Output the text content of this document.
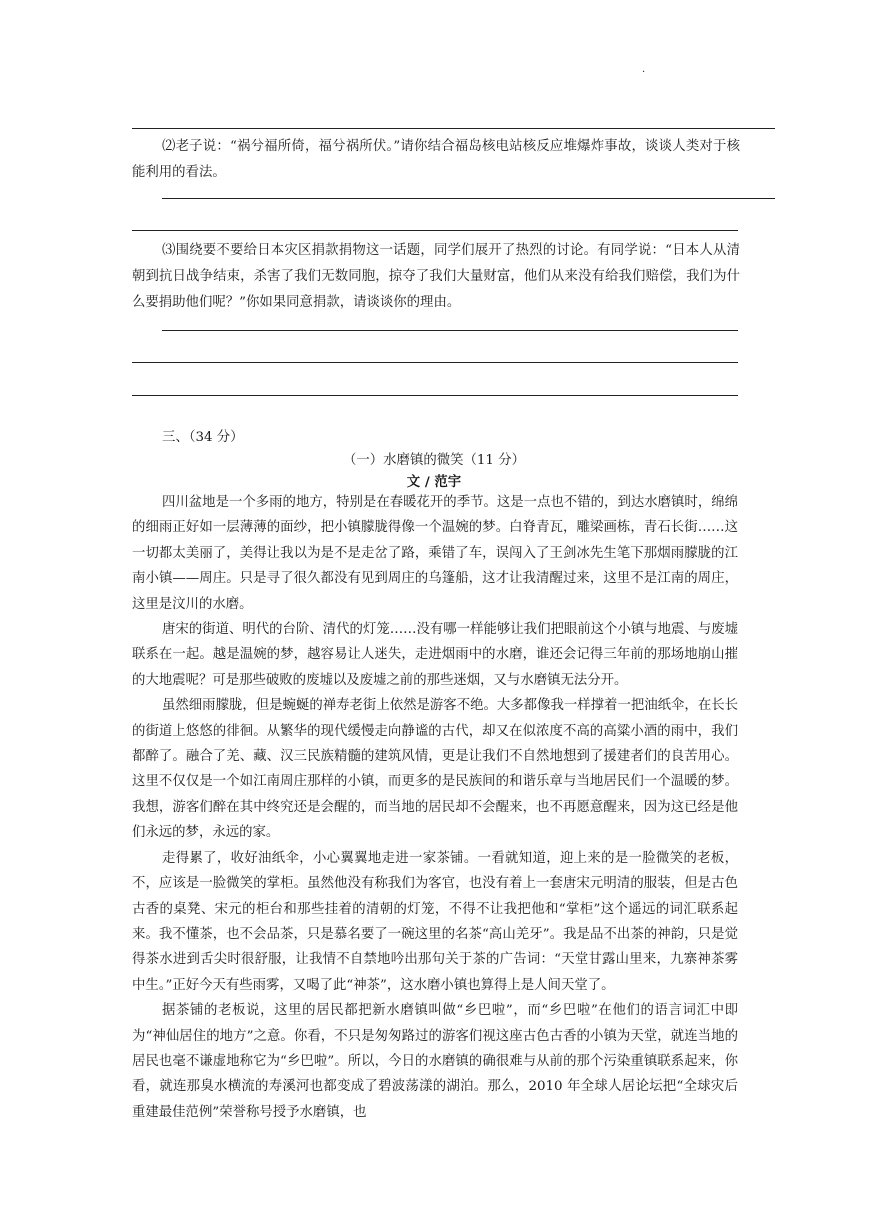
.

⑵老子说：“祸兮福所倚，福兮祸所伏。”请你结合福岛核电站核反应堆爆炸事故，谈谈人类对于核能利用的看法。

⑶围绕要不要给日本灾区捐款捐物这一话题，同学们展开了热烈的讨论。有同学说：“日本人从清朝到抗日战争结束，杀害了我们无数同胞，掠夺了我们大量财富，他们从来没有给我们赔偿，我们为什么要捐助他们呢？”你如果同意捐款，请谈谈你的理由。

三、（34 分）
（一）水磨镇的微笑（11 分）
文 / 范宇

四川盆地是一个多雨的地方，特别是在春暖花开的季节。这是一点也不错的，到达水磨镇时，绵绵的细雨正好如一层薄薄的面纱，把小镇朦胧得像一个温婉的梦。白脊青瓦，雕梁画栋，青石长街……这一切都太美丽了，美得让我以为是不是走岔了路，乘错了车，误闯入了王剑冰先生笔下那烟雨朦胧的江南小镇——周庄。只是寻了很久都没有见到周庄的乌篷船，这才让我清醒过来，这里不是江南的周庄，这里是汶川的水磨。

唐宋的街道、明代的台阶、清代的灯笼……没有哪一样能够让我们把眼前这个小镇与地震、与废墟联系在一起。越是温婉的梦，越容易让人迷失，走进烟雨中的水磨，谁还会记得三年前的那场地崩山摧的大地震呢？可是那些破败的废墟以及废墟之前的那些迷烟，又与水磨镇无法分开。

虽然细雨朦胧，但是蜿蜒的禅寿老街上依然是游客不绝。大多都像我一样撑着一把油纸伞，在长长的街道上悠悠的徘徊。从繁华的现代缓慢走向静谧的古代，却又在似浓度不高的高粱小酒的雨中，我们都醉了。融合了羌、藏、汉三民族精髓的建筑风情，更是让我们不自然地想到了援建者们的良苦用心。这里不仅仅是一个如江南周庄那样的小镇，而更多的是民族间的和谐乐章与当地居民们一个温暖的梦。我想，游客们醉在其中终究还是会醒的，而当地的居民却不会醒来，也不再愿意醒来，因为这已经是他们永远的梦，永远的家。

走得累了，收好油纸伞，小心翼翼地走进一家茶铺。一看就知道，迎上来的是一脸微笑的老板，不，应该是一脸微笑的掌柜。虽然他没有称我们为客官，也没有着上一套唐宋元明清的服装，但是古色古香的桌凳、宋元的柜台和那些挂着的清朝的灯笼，不得不让我把他和“掌柜”这个遥远的词汇联系起来。我不懂茶，也不会品茶，只是慕名要了一碗这里的名茶“高山羌牙”。我是品不出茶的神韵，只是觉得茶水进到舌尖时很舒服，让我情不自禁地吟出那句关于茶的广告词：“天堂甘露山里来，九寨神茶雾中生。”正好今天有些雨雾，又喝了此“神茶”，这水磨小镇也算得上是人间天堂了。

据茶铺的老板说，这里的居民都把新水磨镇叫做“乡巴啦”，而“乡巴啦”在他们的语言词汇中即为“神仙居住的地方”之意。你看，不只是匆匆路过的游客们视这座古色古香的小镇为天堂，就连当地的居民也毫不谦虚地称它为“乡巴啦”。所以，今日的水磨镇的确很难与从前的那个污染重镇联系起来，你看，就连那臭水横流的寿溪河也都变成了碧波荡漾的湖泊。那么，2010 年全球人居论坛把“全球灾后重建最佳范例”荣誉称号授予水磨镇，也
